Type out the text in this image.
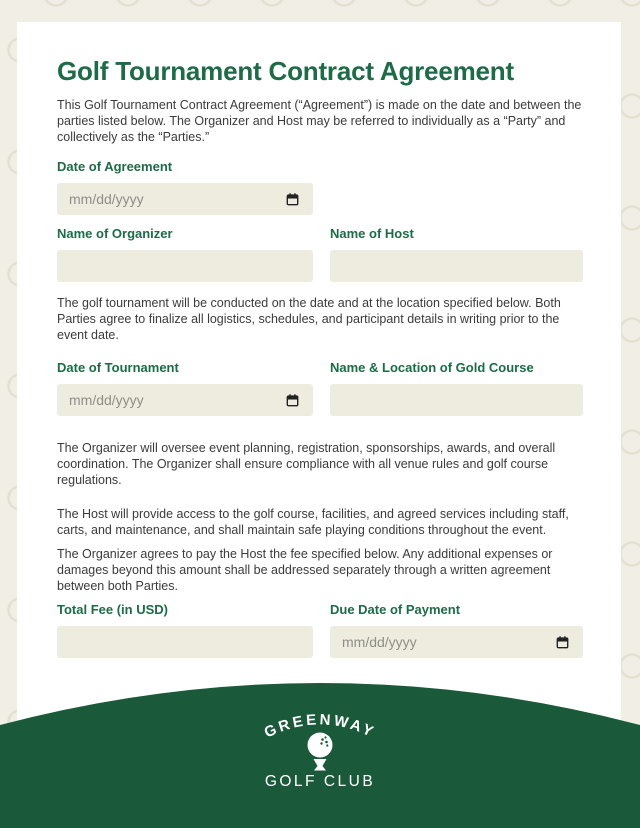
Golf Tournament Contract Agreement

This Golf Tournament Contract Agreement (“Agreement”) is made on the date and between the parties listed below. The Organizer and Host may be referred to individually as a “Party” and collectively as the “Parties.”

Date of Agreement
mm/dd/yyyy
Name of Organizer	Name of Host

The golf tournament will be conducted on the date and at the location specified below. Both Parties agree to finalize all logistics, schedules, and participant details in writing prior to the event date.

Date of Tournament
mm/dd/yyyy
Name & Location of Gold Course

The Organizer will oversee event planning, registration, sponsorships, awards, and overall coordination. The Organizer shall ensure compliance with all venue rules and golf course regulations.

The Host will provide access to the golf course, facilities, and agreed services including staff, carts, and maintenance, and shall maintain safe playing conditions throughout the event.

The Organizer agrees to pay the Host the fee specified below. Any additional expenses or damages beyond this amount shall be addressed separately through a written agreement between both Parties.

Total Fee (in USD)	Due Date of Payment
mm/dd/yyyy
GREENWAY
GOLF CLUB
